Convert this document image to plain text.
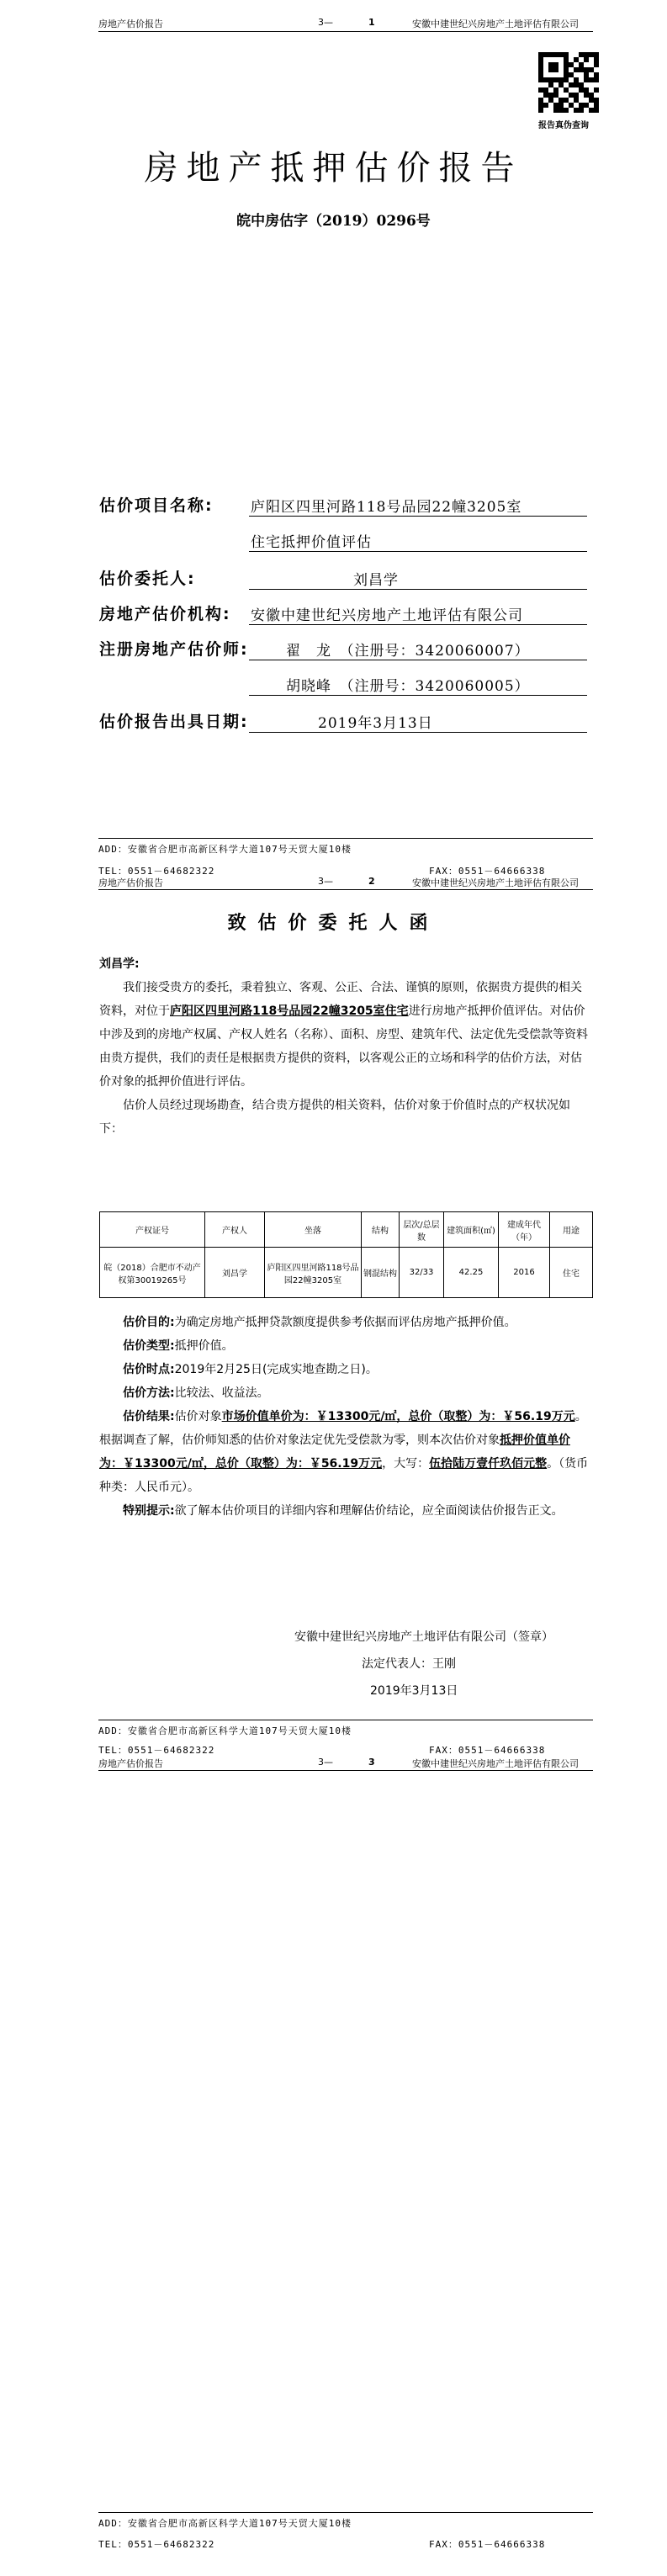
房地产估价报告	3—	1	安徽中建世纪兴房地产土地评估有限公司
报告真伪查询
房地产抵押估价报告
皖中房估字（2019）0296号
估价项目名称:	庐阳区四里河路118号品园22幢3205室
住宅抵押价值评估
估价委托人:	刘昌学
房地产估价机构: 安徽中建世纪兴房地产土地评估有限公司
注册房地产估价师:	翟　龙　（注册号：3420060007）
胡晓峰　（注册号：3420060005）
估价报告出具日期:	2019年3月13日
ADD：安徽省合肥市高新区科学大道107号天贸大厦10楼
TEL：0551－64682322	FAX：0551－64666338
房地产估价报告	3—	2	安徽中建世纪兴房地产土地评估有限公司
致估价委托人函
刘昌学:

我们接受贵方的委托，秉着独立、客观、公正、合法、谨慎的原则，依据贵方提供的相关资料，对位于庐阳区四里河路118号品园22幢3205室住宅进行房地产抵押价值评估。对估价中涉及到的房地产权属、产权人姓名（名称）、面积、房型、建筑年代、法定优先受偿款等资料由贵方提供，我们的责任是根据贵方提供的资料，以客观公正的立场和科学的估价方法，对估价对象的抵押价值进行评估。

估价人员经过现场勘查，结合贵方提供的相关资料，估价对象于价值时点的产权状况如下：

产权证号	产权人	坐落	结构	层次/总层数	建筑面积(㎡)	建成年代（年）	用途
皖（2018）合肥市不动产权第30019265号	刘昌学	庐阳区四里河路118号品园22幢3205室	钢混结构	32/33	42.25	2016	住宅

估价目的:为确定房地产抵押贷款额度提供参考依据而评估房地产抵押价值。

估价类型:抵押价值。

估价时点:2019年2月25日(完成实地查勘之日)。

估价方法:比较法、收益法。

估价结果:估价对象市场价值单价为：￥13300元/㎡，总价（取整）为：￥56.19万元。根据调查了解，估价师知悉的估价对象法定优先受偿款为零，则本次估价对象抵押价值单价为：￥13300元/㎡，总价（取整）为：￥56.19万元，大写：伍拾陆万壹仟玖佰元整。（货币种类：人民币元）。

特别提示:欲了解本估价项目的详细内容和理解估价结论，应全面阅读估价报告正文。

安徽中建世纪兴房地产土地评估有限公司（签章）
法定代表人：王刚
2019年3月13日
ADD：安徽省合肥市高新区科学大道107号天贸大厦10楼
TEL：0551－64682322	FAX：0551－64666338
房地产估价报告	3—	3	安徽中建世纪兴房地产土地评估有限公司
ADD：安徽省合肥市高新区科学大道107号天贸大厦10楼
TEL：0551－64682322	FAX：0551－64666338
